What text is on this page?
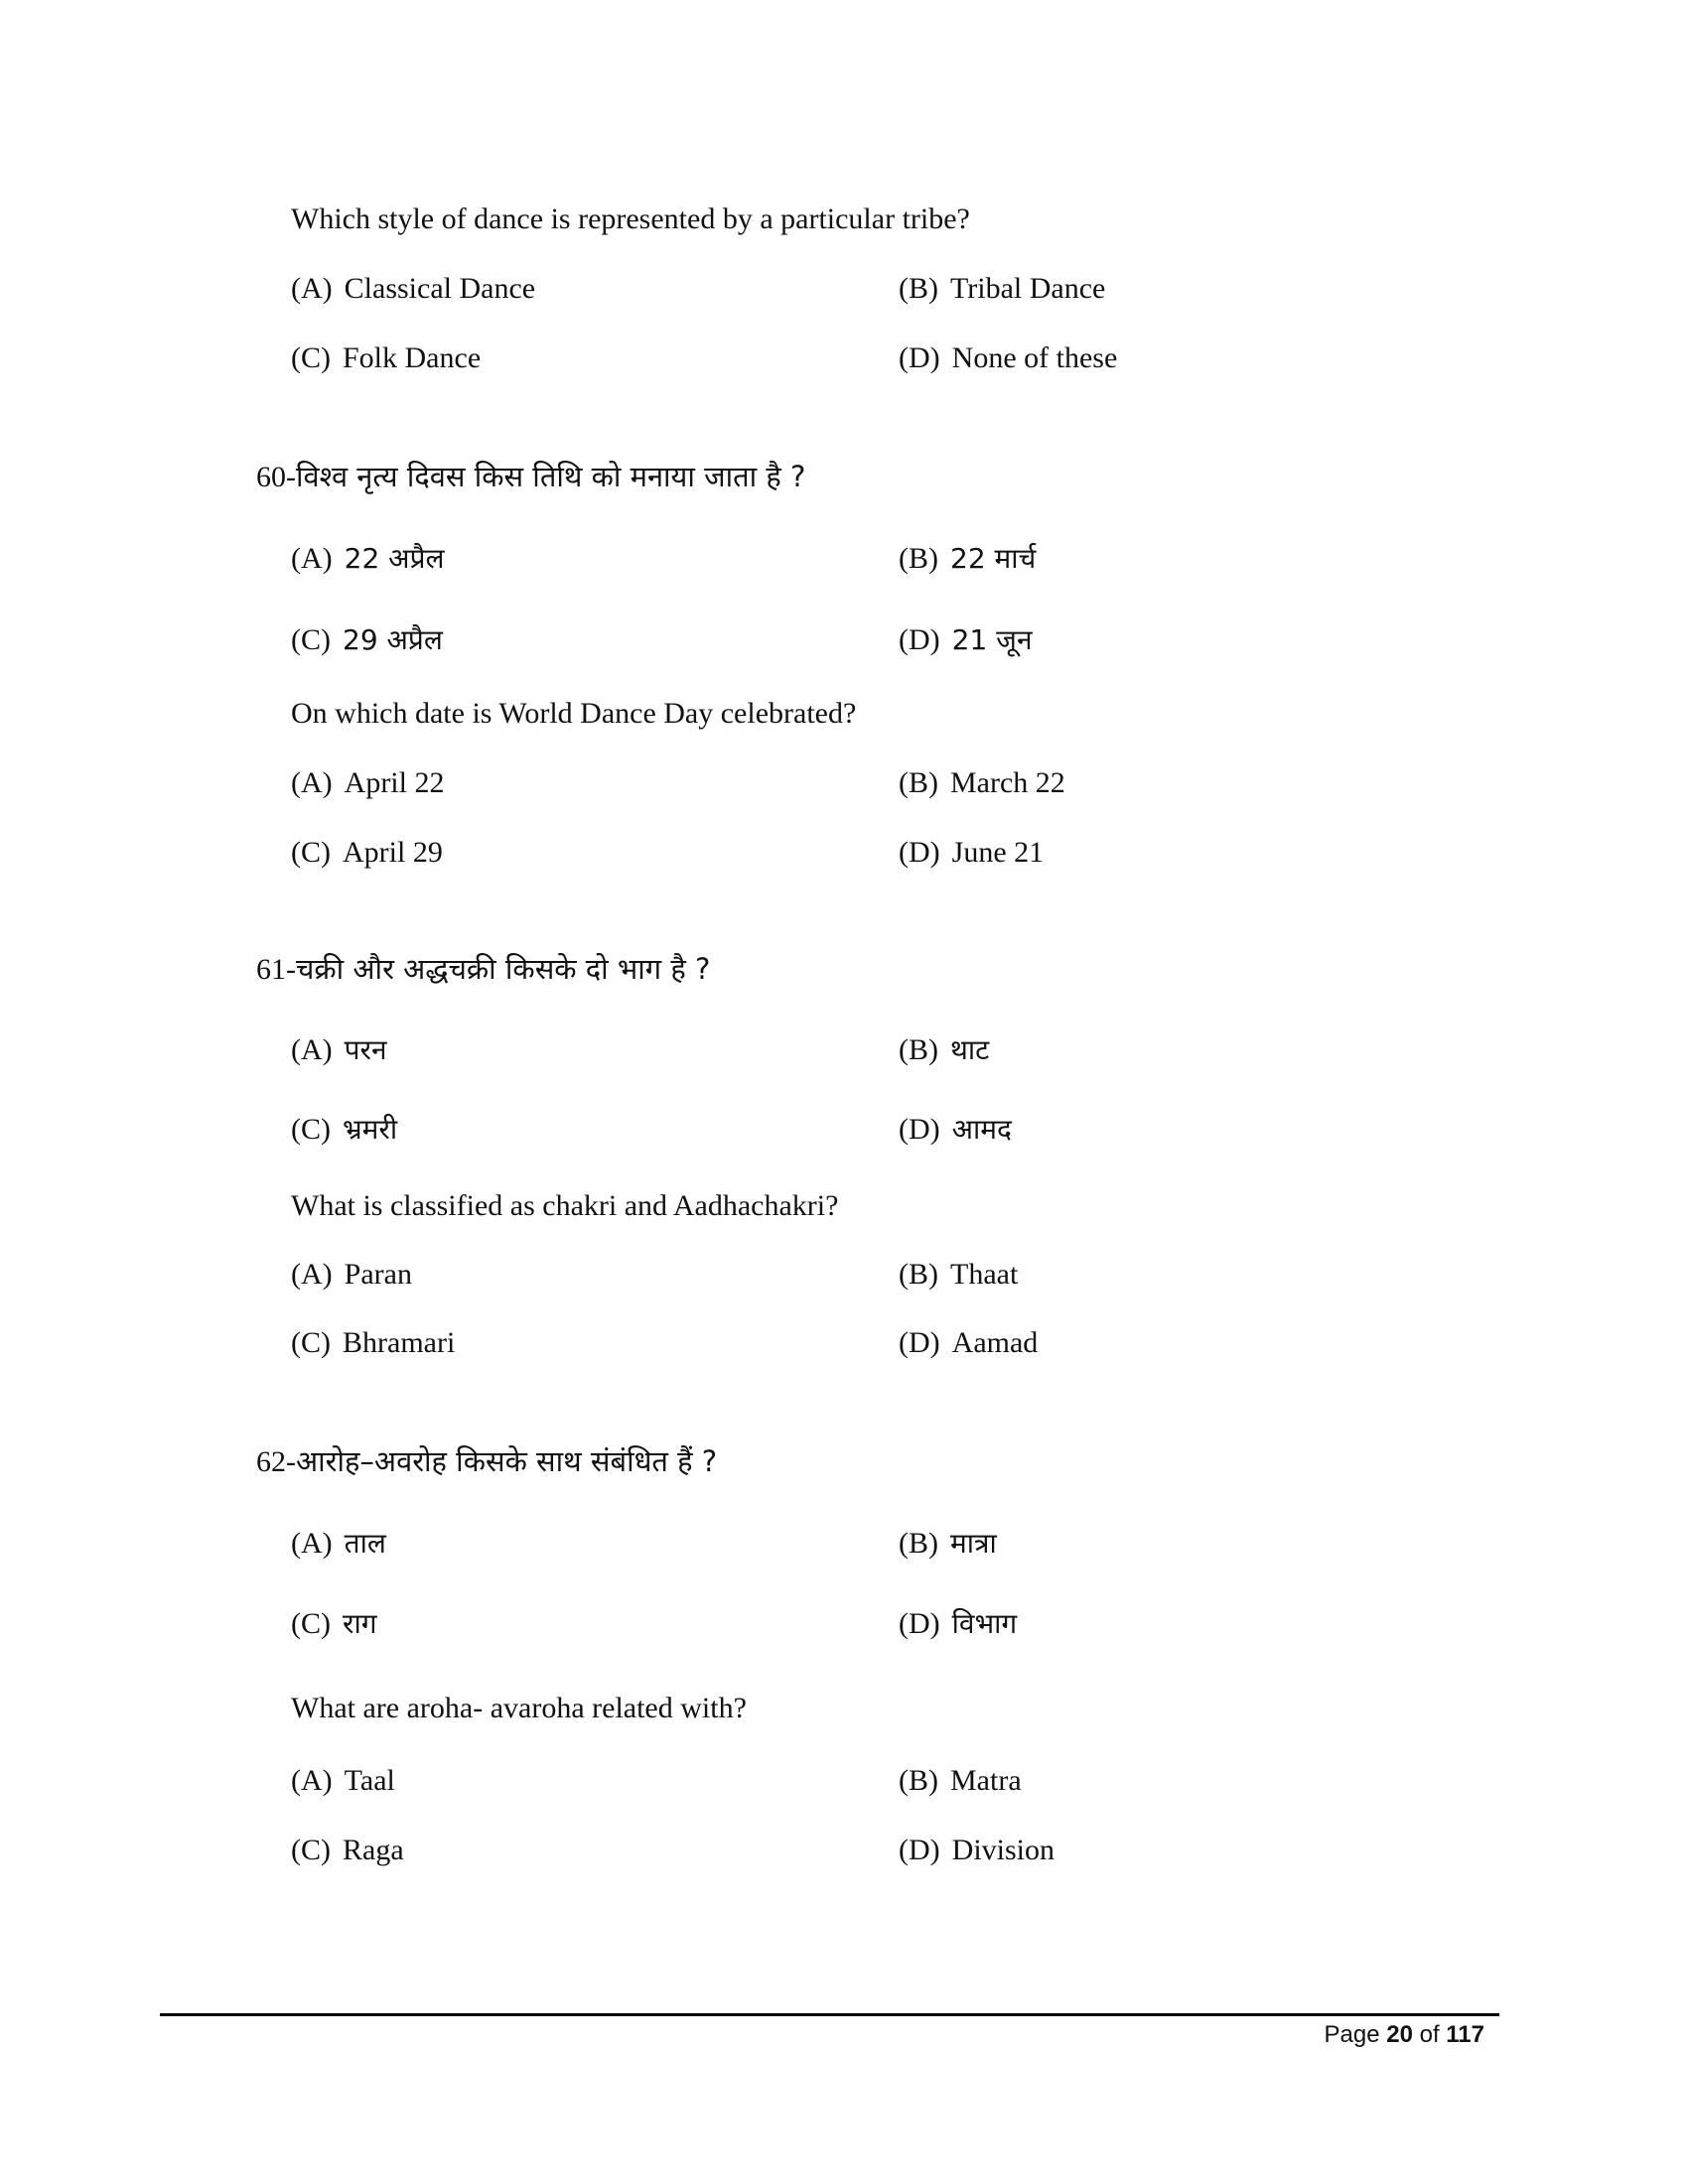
Which style of dance is represented by a particular tribe?
(A) Classical Dance	(B) Tribal Dance
(C) Folk Dance	(D) None of these
60-विश्व नृत्य दिवस किस तिथि को मनाया जाता है ?
(A) 22 अप्रैल	(B) 22 मार्च
(C) 29 अप्रैल	(D) 21 जून
On which date is World Dance Day celebrated?
(A) April 22	(B) March 22
(C) April 29	(D) June 21
61-चक्री और अद्धचक्री किसके दो भाग है ?
(A) परन	(B) थाट
(C) भ्रमरी	(D) आमद
What is classified as chakri and Aadhachakri?
(A) Paran	(B) Thaat
(C) Bhramari	(D) Aamad
62-आरोह–अवरोह किसके साथ संबंधित हैं ?
(A) ताल	(B) मात्रा
(C) राग	(D) विभाग
What are aroha- avaroha related with?
(A) Taal	(B) Matra
(C) Raga	(D) Division
Page 20 of 117
